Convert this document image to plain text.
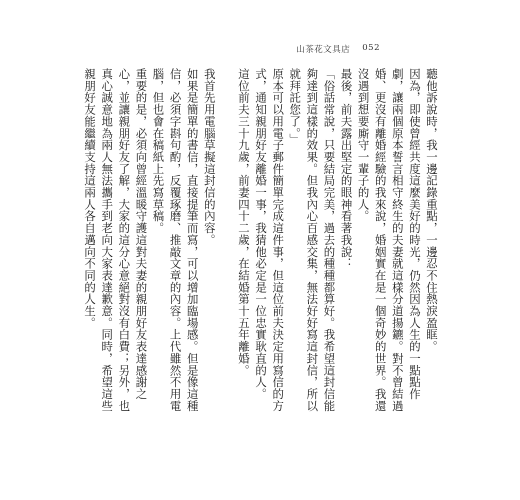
山茶花文具店 052

聽他訴說時，我一邊記錄重點，一邊忍不住熱淚盈眶。

因為，即使曾經共度這麼美好的時光，仍然因為人生的一點點作劇，讓兩個原本誓言相守終生的夫妻就這樣分道揚鑣。對不曾結過婚、更沒有離婚經驗的我來說，婚姻實在是一個奇妙的世界。我還沒遇到想要廝守一輩子的人。

最後，前夫露出堅定的眼神看著我說：

「俗話常說，只要結局完美，過去的種種都算好。我希望這封信能夠達到這樣的效果。但我內心百感交集，無法好好寫這封信，所以就拜託您了。」

原本可以用電子郵件簡單完成這件事，但這位前夫決定用寫信的方式，通知親朋好友離婚一事，我猜他必定是一位忠實耿直的人。

這位前夫三十九歲，前妻四十二歲，在結婚第十五年離婚。

我首先用電腦草擬這封信的內容。

如果是簡單的書信，直接提筆而寫，可以增加臨場感。但是像這種信，必須字斟句酌，反覆琢磨、推敲文章的內容。上代雖然不用電腦，但也會在稿紙上先寫草稿。

重要的是，必須向曾經溫暖守護這對夫妻的親朋好友表達感謝之心，並讓親朋好友了解，大家的這分心意絕對沒有白費；另外，也真心誠意地為兩人無法攜手到老向大家表達歉意。同時，希望這些親朋好友能繼續支持這兩人各自邁向不同的人生。
